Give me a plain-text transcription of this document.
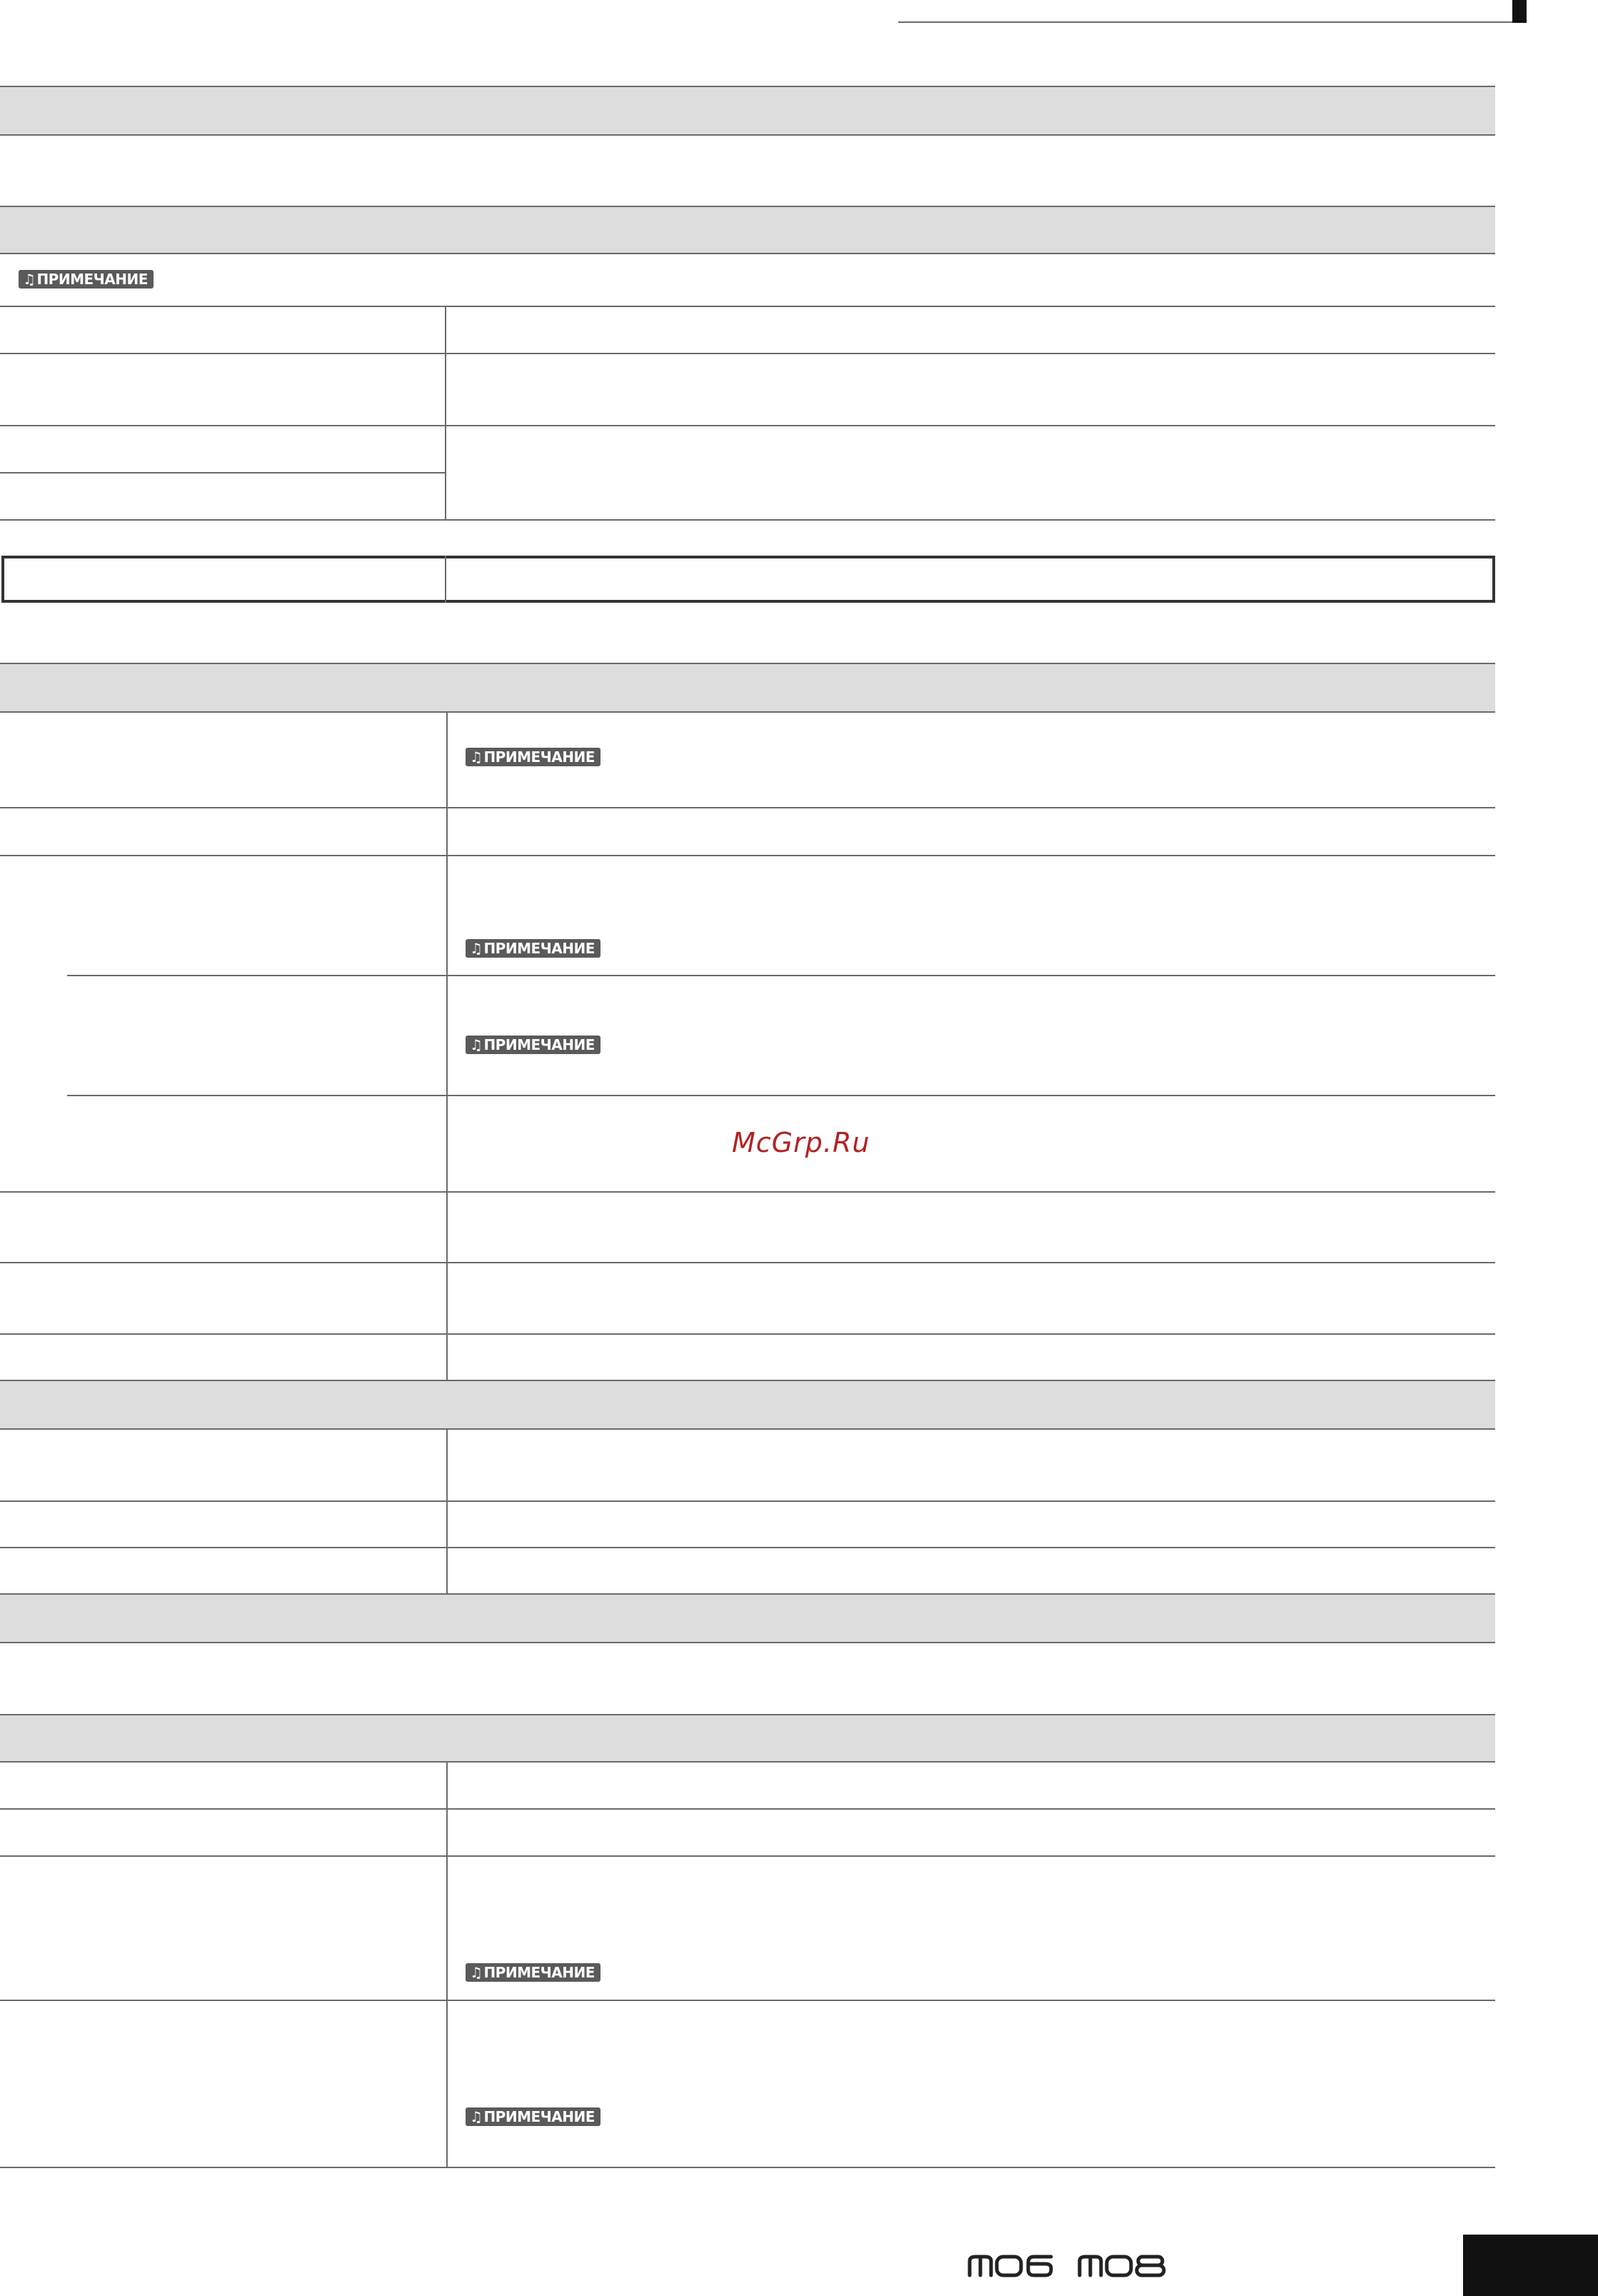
♫ ПРИМЕЧАНИЕ
♫ ПРИМЕЧАНИЕ
♫ ПРИМЕЧАНИЕ
♫ ПРИМЕЧАНИЕ
♫ ПРИМЕЧАНИЕ
♫ ПРИМЕЧАНИЕ
McGrp.Ru
